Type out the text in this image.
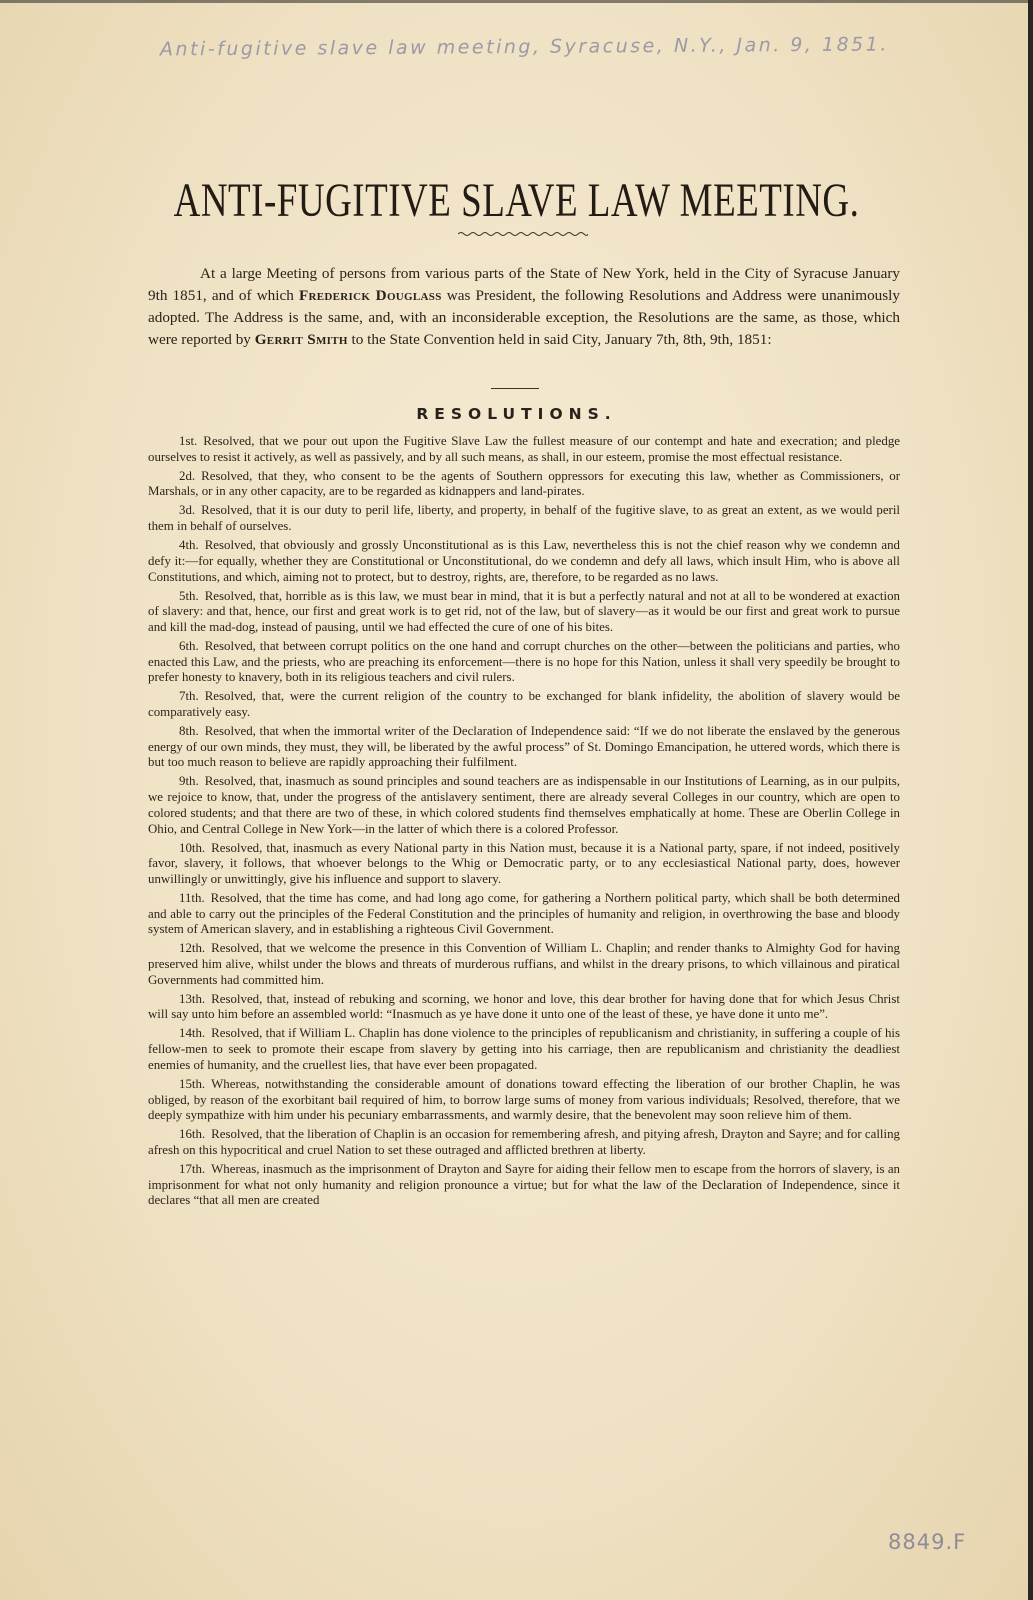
Anti-fugitive slave law meeting, Syracuse, N.Y., Jan. 9, 1851.
ANTI-FUGITIVE SLAVE LAW MEETING.

At a large Meeting of persons from various parts of the State of New York, held in the City of Syracuse January 9th 1851, and of which Frederick Douglass was President, the following Resolutions and Address were unanimously adopted. The Address is the same, and, with an inconsiderable exception, the Resolutions are the same, as those, which were reported by Gerrit Smith to the State Convention held in said City, January 7th, 8th, 9th, 1851:

RESOLUTIONS.

1st. Resolved, that we pour out upon the Fugitive Slave Law the fullest measure of our contempt and hate and execration; and pledge ourselves to resist it actively, as well as passively, and by all such means, as shall, in our esteem, promise the most effectual resistance.

2d. Resolved, that they, who consent to be the agents of Southern oppressors for executing this law, whether as Commissioners, or Marshals, or in any other capacity, are to be regarded as kidnappers and land-pirates.

3d. Resolved, that it is our duty to peril life, liberty, and property, in behalf of the fugitive slave, to as great an extent, as we would peril them in behalf of ourselves.

4th. Resolved, that obviously and grossly Unconstitutional as is this Law, nevertheless this is not the chief reason why we condemn and defy it:—for equally, whether they are Constitutional or Unconstitutional, do we condemn and defy all laws, which insult Him, who is above all Constitutions, and which, aiming not to protect, but to destroy, rights, are, therefore, to be regarded as no laws.

5th. Resolved, that, horrible as is this law, we must bear in mind, that it is but a perfectly natural and not at all to be wondered at exaction of slavery: and that, hence, our first and great work is to get rid, not of the law, but of slavery—as it would be our first and great work to pursue and kill the mad-dog, instead of pausing, until we had effected the cure of one of his bites.

6th. Resolved, that between corrupt politics on the one hand and corrupt churches on the other—between the politicians and parties, who enacted this Law, and the priests, who are preaching its enforcement—there is no hope for this Nation, unless it shall very speedily be brought to prefer honesty to knavery, both in its religious teachers and civil rulers.

7th. Resolved, that, were the current religion of the country to be exchanged for blank infidelity, the abolition of slavery would be comparatively easy.

8th. Resolved, that when the immortal writer of the Declaration of Independence said: “If we do not liberate the enslaved by the generous energy of our own minds, they must, they will, be liberated by the awful process” of St. Domingo Emancipation, he uttered words, which there is but too much reason to believe are rapidly approaching their fulfilment.

9th. Resolved, that, inasmuch as sound principles and sound teachers are as indispensable in our Institutions of Learning, as in our pulpits, we rejoice to know, that, under the progress of the antislavery sentiment, there are already several Colleges in our country, which are open to colored students; and that there are two of these, in which colored students find themselves emphatically at home. These are Oberlin College in Ohio, and Central College in New York—in the latter of which there is a colored Professor.

10th. Resolved, that, inasmuch as every National party in this Nation must, because it is a National party, spare, if not indeed, positively favor, slavery, it follows, that whoever belongs to the Whig or Democratic party, or to any ecclesiastical National party, does, however unwillingly or unwittingly, give his influence and support to slavery.

11th. Resolved, that the time has come, and had long ago come, for gathering a Northern political party, which shall be both determined and able to carry out the principles of the Federal Constitution and the principles of humanity and religion, in overthrowing the base and bloody system of American slavery, and in establishing a righteous Civil Government.

12th. Resolved, that we welcome the presence in this Convention of William L. Chaplin; and render thanks to Almighty God for having preserved him alive, whilst under the blows and threats of murderous ruffians, and whilst in the dreary prisons, to which villainous and piratical Governments had committed him.

13th. Resolved, that, instead of rebuking and scorning, we honor and love, this dear brother for having done that for which Jesus Christ will say unto him before an assembled world: “Inasmuch as ye have done it unto one of the least of these, ye have done it unto me”.

14th. Resolved, that if William L. Chaplin has done violence to the principles of republicanism and christianity, in suffering a couple of his fellow-men to seek to promote their escape from slavery by getting into his carriage, then are republicanism and christianity the deadliest enemies of humanity, and the cruellest lies, that have ever been propagated.

15th. Whereas, notwithstanding the considerable amount of donations toward effecting the liberation of our brother Chaplin, he was obliged, by reason of the exorbitant bail required of him, to borrow large sums of money from various individuals; Resolved, therefore, that we deeply sympathize with him under his pecuniary embarrassments, and warmly desire, that the benevolent may soon relieve him of them.

16th. Resolved, that the liberation of Chaplin is an occasion for remembering afresh, and pitying afresh, Drayton and Sayre; and for calling afresh on this hypocritical and cruel Nation to set these outraged and afflicted brethren at liberty.

17th. Whereas, inasmuch as the imprisonment of Drayton and Sayre for aiding their fellow men to escape from the horrors of slavery, is an imprisonment for what not only humanity and religion pronounce a virtue; but for what the law of the Declaration of Independence, since it declares “that all men are created

8849.F
